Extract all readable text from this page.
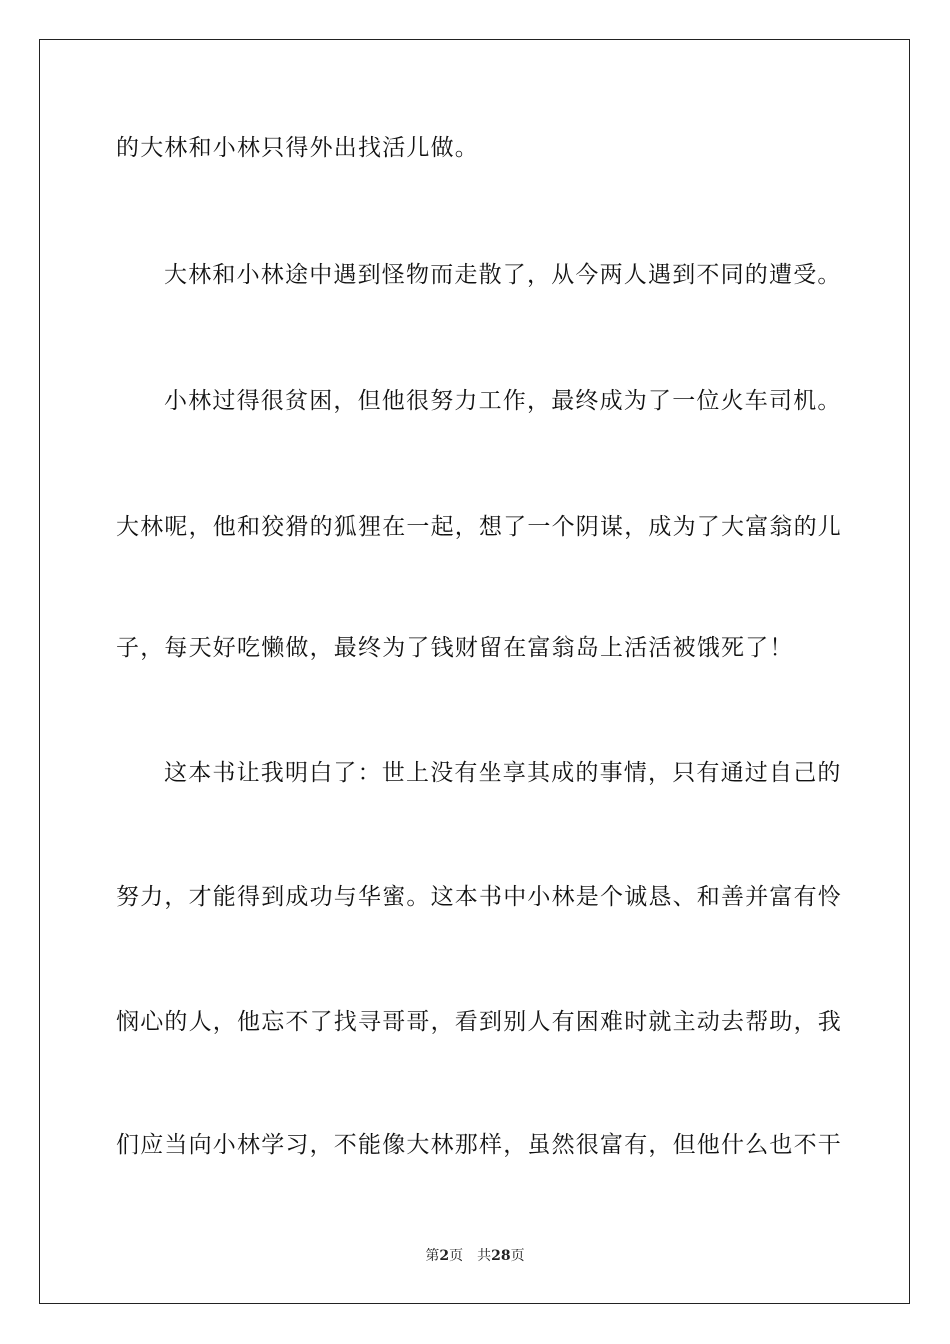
的大林和小林只得外出找活儿做。
大林和小林途中遇到怪物而走散了，从今两人遇到不同的遭受。
小林过得很贫困，但他很努力工作，最终成为了一位火车司机。
大林呢，他和狡猾的狐狸在一起，想了一个阴谋，成为了大富翁的儿
子，每天好吃懒做，最终为了钱财留在富翁岛上活活被饿死了！
这本书让我明白了：世上没有坐享其成的事情，只有通过自己的
努力，才能得到成功与华蜜。这本书中小林是个诚恳、和善并富有怜
悯心的人，他忘不了找寻哥哥，看到别人有困难时就主动去帮助，我
们应当向小林学习，不能像大林那样，虽然很富有，但他什么也不干
第2页 共28页
